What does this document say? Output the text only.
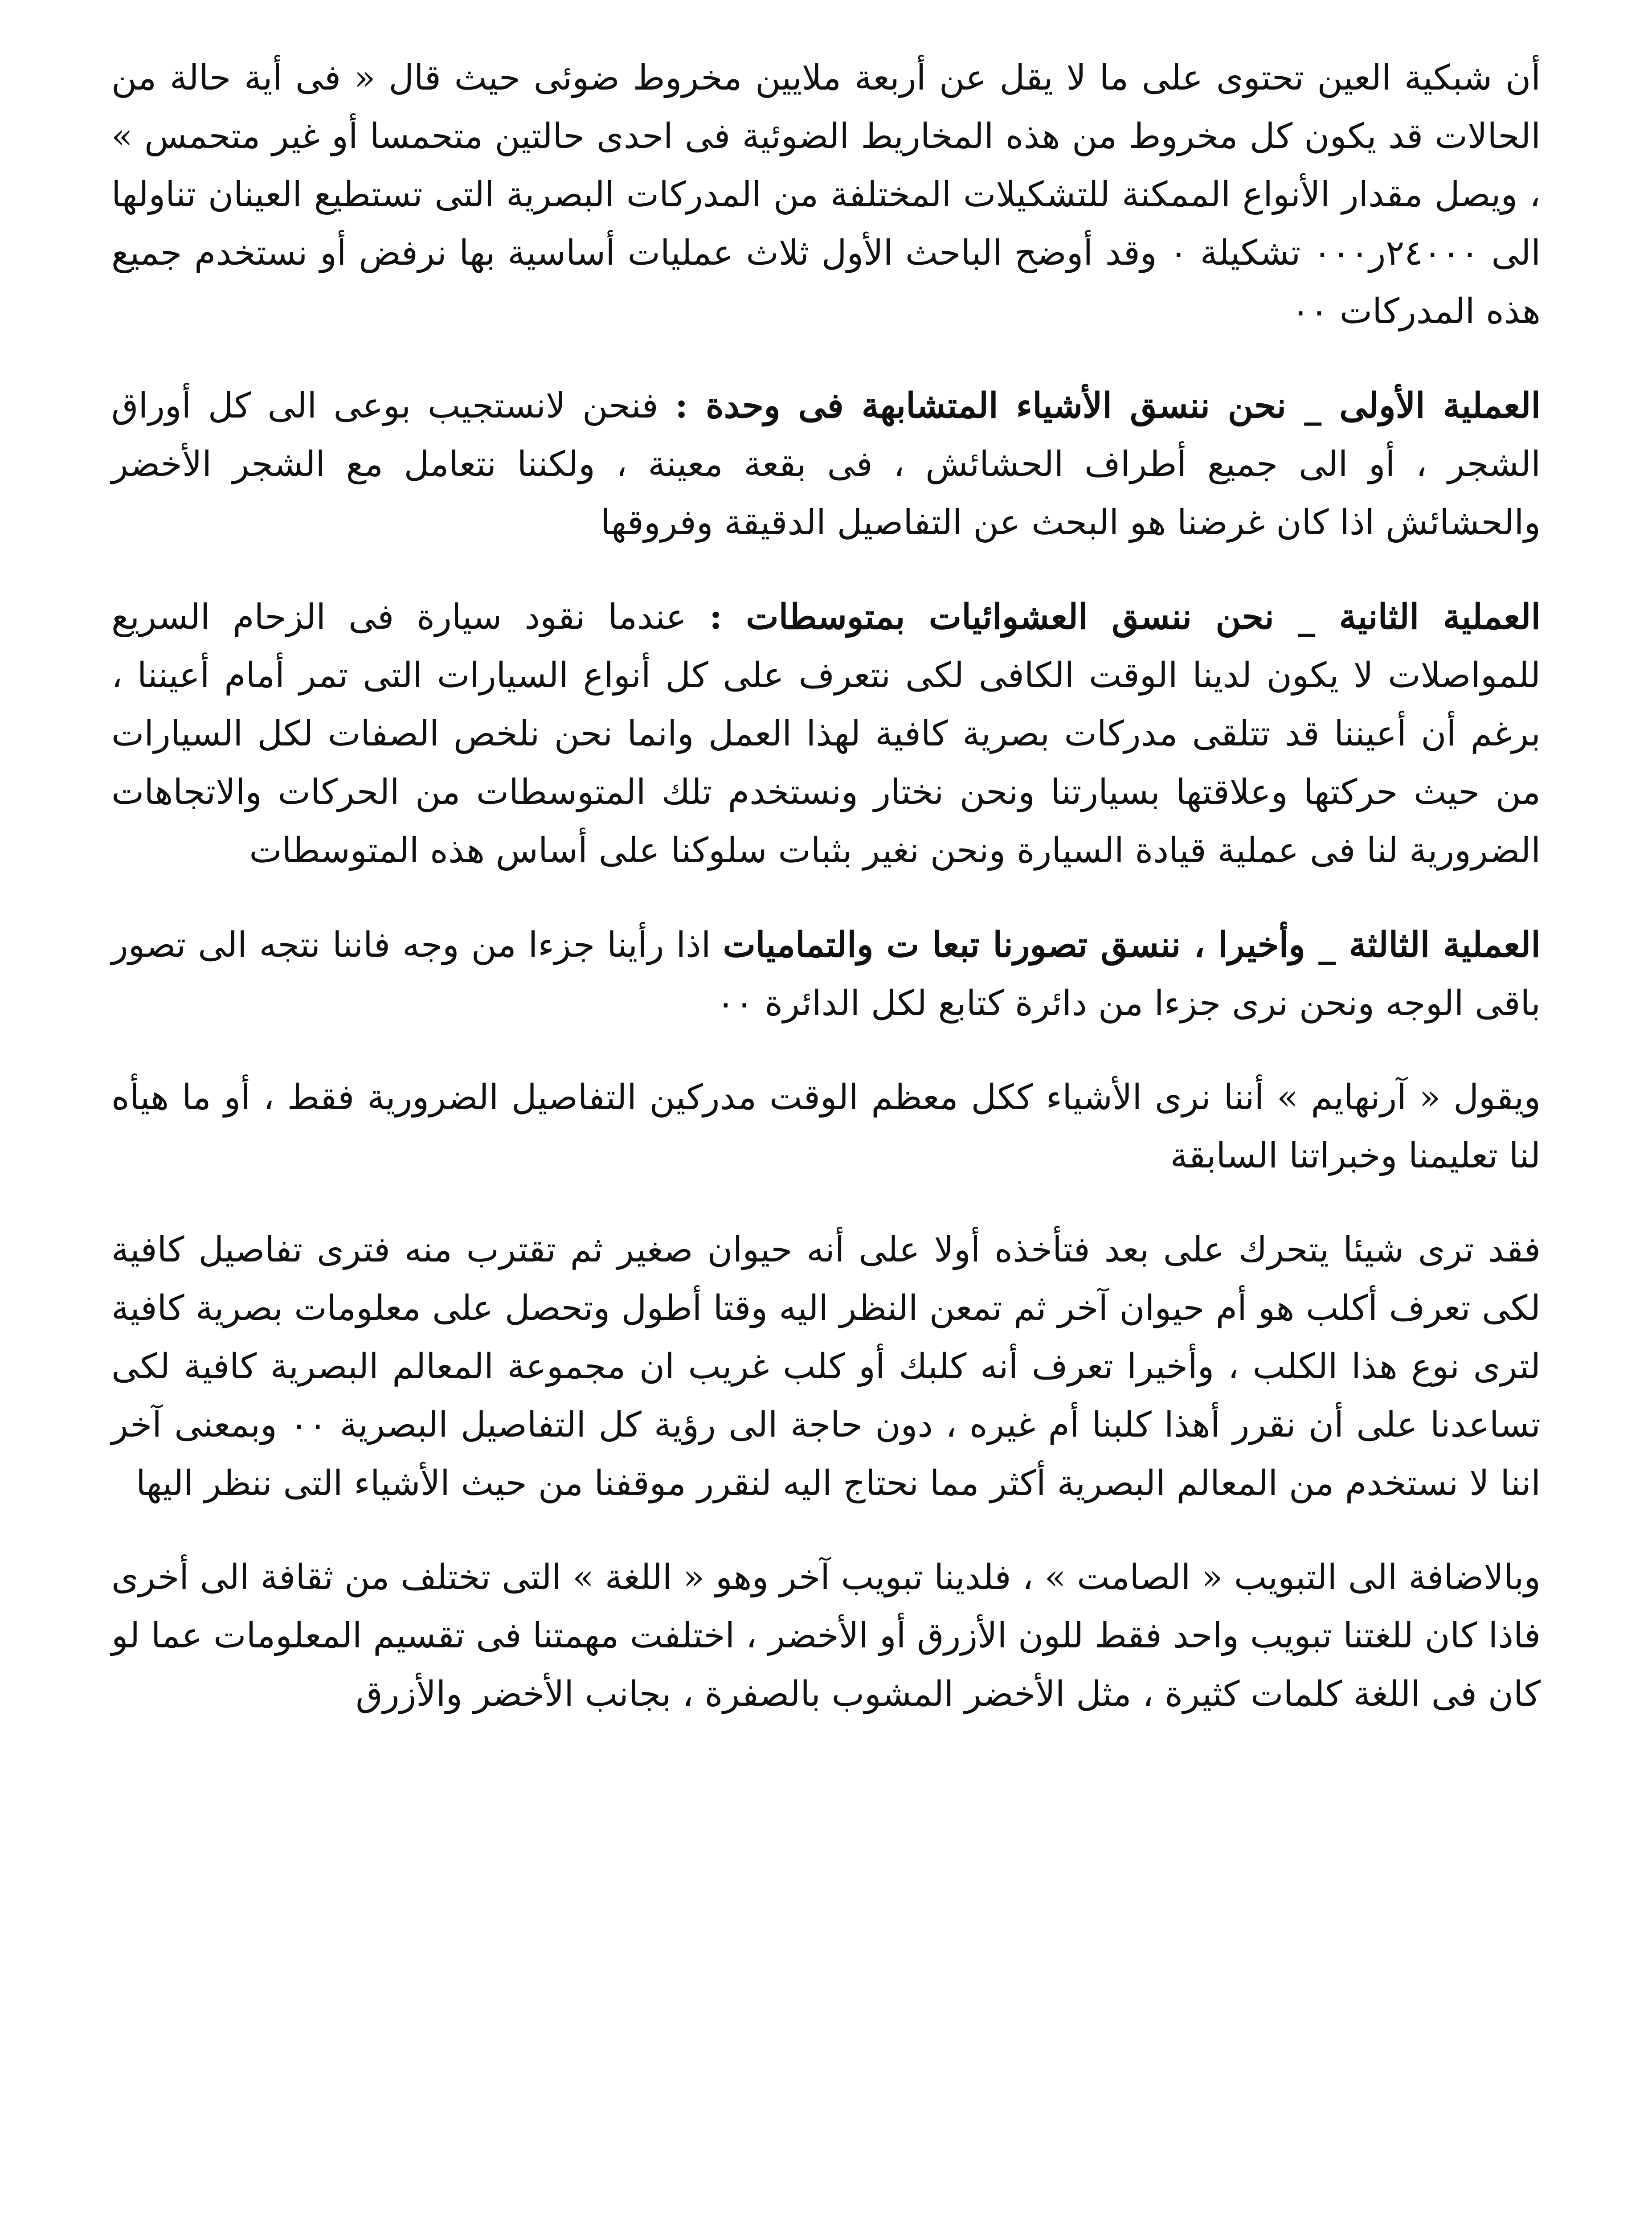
أن شبكية العين تحتوى على ما لا يقل عن أربعة ملايين مخروط ضوئى حيث قال « فى أية حالة من الحالات قد يكون كل مخروط من هذه المخاريط الضوئية فى احدى حالتين متحمسا أو غير متحمس » ، ويصل مقدار الأنواع الممكنة للتشكيلات المختلفة من المدركات البصرية التى تستطيع العينان تناولها الى ٢٤٠٠٠ر٠٠٠ تشكيلة ٠ وقد أوضح الباحث الأول ثلاث عمليات أساسية بها نرفض أو نستخدم جميع هذه المدركات ٠٠

العملية الأولى _ نحن ننسق الأشياء المتشابهة فى وحدة : فنحن لانستجيب بوعى الى كل أوراق الشجر ، أو الى جميع أطراف الحشائش ، فى بقعة معينة ، ولكننا نتعامل مع الشجر الأخضر والحشائش اذا كان غرضنا هو البحث عن التفاصيل الدقيقة وفروقها

العملية الثانية _ نحن ننسق العشوائيات بمتوسطات : عندما نقود سيارة فى الزحام السريع للمواصلات لا يكون لدينا الوقت الكافى لكى نتعرف على كل أنواع السيارات التى تمر أمام أعيننا ، برغم أن أعيننا قد تتلقى مدركات بصرية كافية لهذا العمل وانما نحن نلخص الصفات لكل السيارات من حيث حركتها وعلاقتها بسيارتنا ونحن نختار ونستخدم تلك المتوسطات من الحركات والاتجاهات الضرورية لنا فى عملية قيادة السيارة ونحن نغير بثبات سلوكنا على أساس هذه المتوسطات

العملية الثالثة _ وأخيرا ، ننسق تصورنا تبعا ت والتماميات اذا رأينا جزءا من وجه فاننا نتجه الى تصور باقى الوجه ونحن نرى جزءا من دائرة كتابع لكل الدائرة ٠٠

ويقول « آرنهايم » أننا نرى الأشياء ككل معظم الوقت مدركين التفاصيل الضرورية فقط ، أو ما هيأه لنا تعليمنا وخبراتنا السابقة

فقد ترى شيئا يتحرك على بعد فتأخذه أولا على أنه حيوان صغير ثم تقترب منه فترى تفاصيل كافية لكى تعرف أكلب هو أم حيوان آخر ثم تمعن النظر اليه وقتا أطول وتحصل على معلومات بصرية كافية لترى نوع هذا الكلب ، وأخيرا تعرف أنه كلبك أو كلب غريب ان مجموعة المعالم البصرية كافية لكى تساعدنا على أن نقرر أهذا كلبنا أم غيره ، دون حاجة الى رؤية كل التفاصيل البصرية ٠٠ وبمعنى آخر اننا لا نستخدم من المعالم البصرية أكثر مما نحتاج اليه لنقرر موقفنا من حيث الأشياء التى ننظر اليها

وبالاضافة الى التبويب « الصامت » ، فلدينا تبويب آخر وهو « اللغة » التى تختلف من ثقافة الى أخرى فاذا كان للغتنا تبويب واحد فقط للون الأزرق أو الأخضر ، اختلفت مهمتنا فى تقسيم المعلومات عما لو كان فى اللغة كلمات كثيرة ، مثل الأخضر المشوب بالصفرة ، بجانب الأخضر والأزرق
